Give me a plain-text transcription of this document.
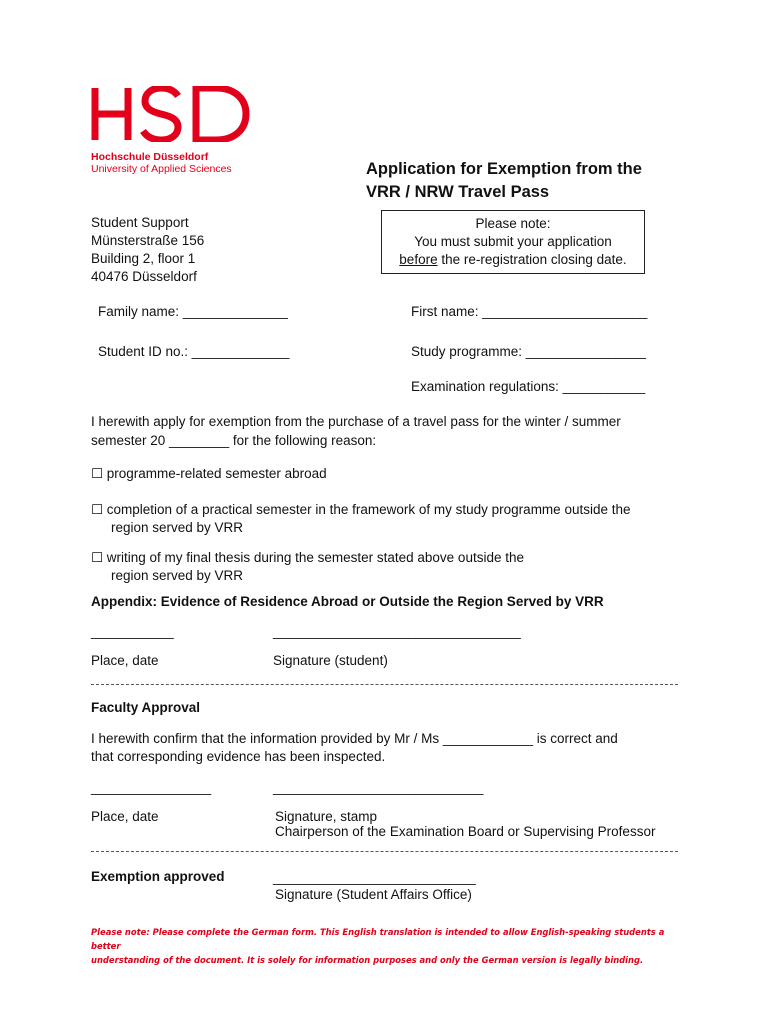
Hochschule Düsseldorf
University of Applied Sciences	Application for Exemption from the
VRR / NRW Travel Pass
Student Support
Münsterstraße 156
Building 2, floor 1
40476 Düsseldorf
Please note:
You must submit your application
before the re-registration closing date.
Family name: ______________	First name: ______________________
Student ID no.: _____________	Study programme: ________________
Examination regulations: ___________
I herewith apply for exemption from the purchase of a travel pass for the winter / summer
semester 20 ________ for the following reason:
☐ programme-related semester abroad
☐ completion of a practical semester in the framework of my study programme outside the
region served by VRR
☐ writing of my final thesis during the semester stated above outside the
region served by VRR
Appendix: Evidence of Residence Abroad or Outside the Region Served by VRR
___________	_________________________________
Place, date	Signature (student)
Faculty Approval
I herewith confirm that the information provided by Mr / Ms ____________ is correct and
that corresponding evidence has been inspected.
________________	____________________________
Place, date	Signature, stamp
Chairperson of the Examination Board or Supervising Professor
Exemption approved	___________________________
Signature (Student Affairs Office)
Please note: Please complete the German form. This English translation is intended to allow English-speaking students a better
understanding of the document. It is solely for information purposes and only the German version is legally binding.
